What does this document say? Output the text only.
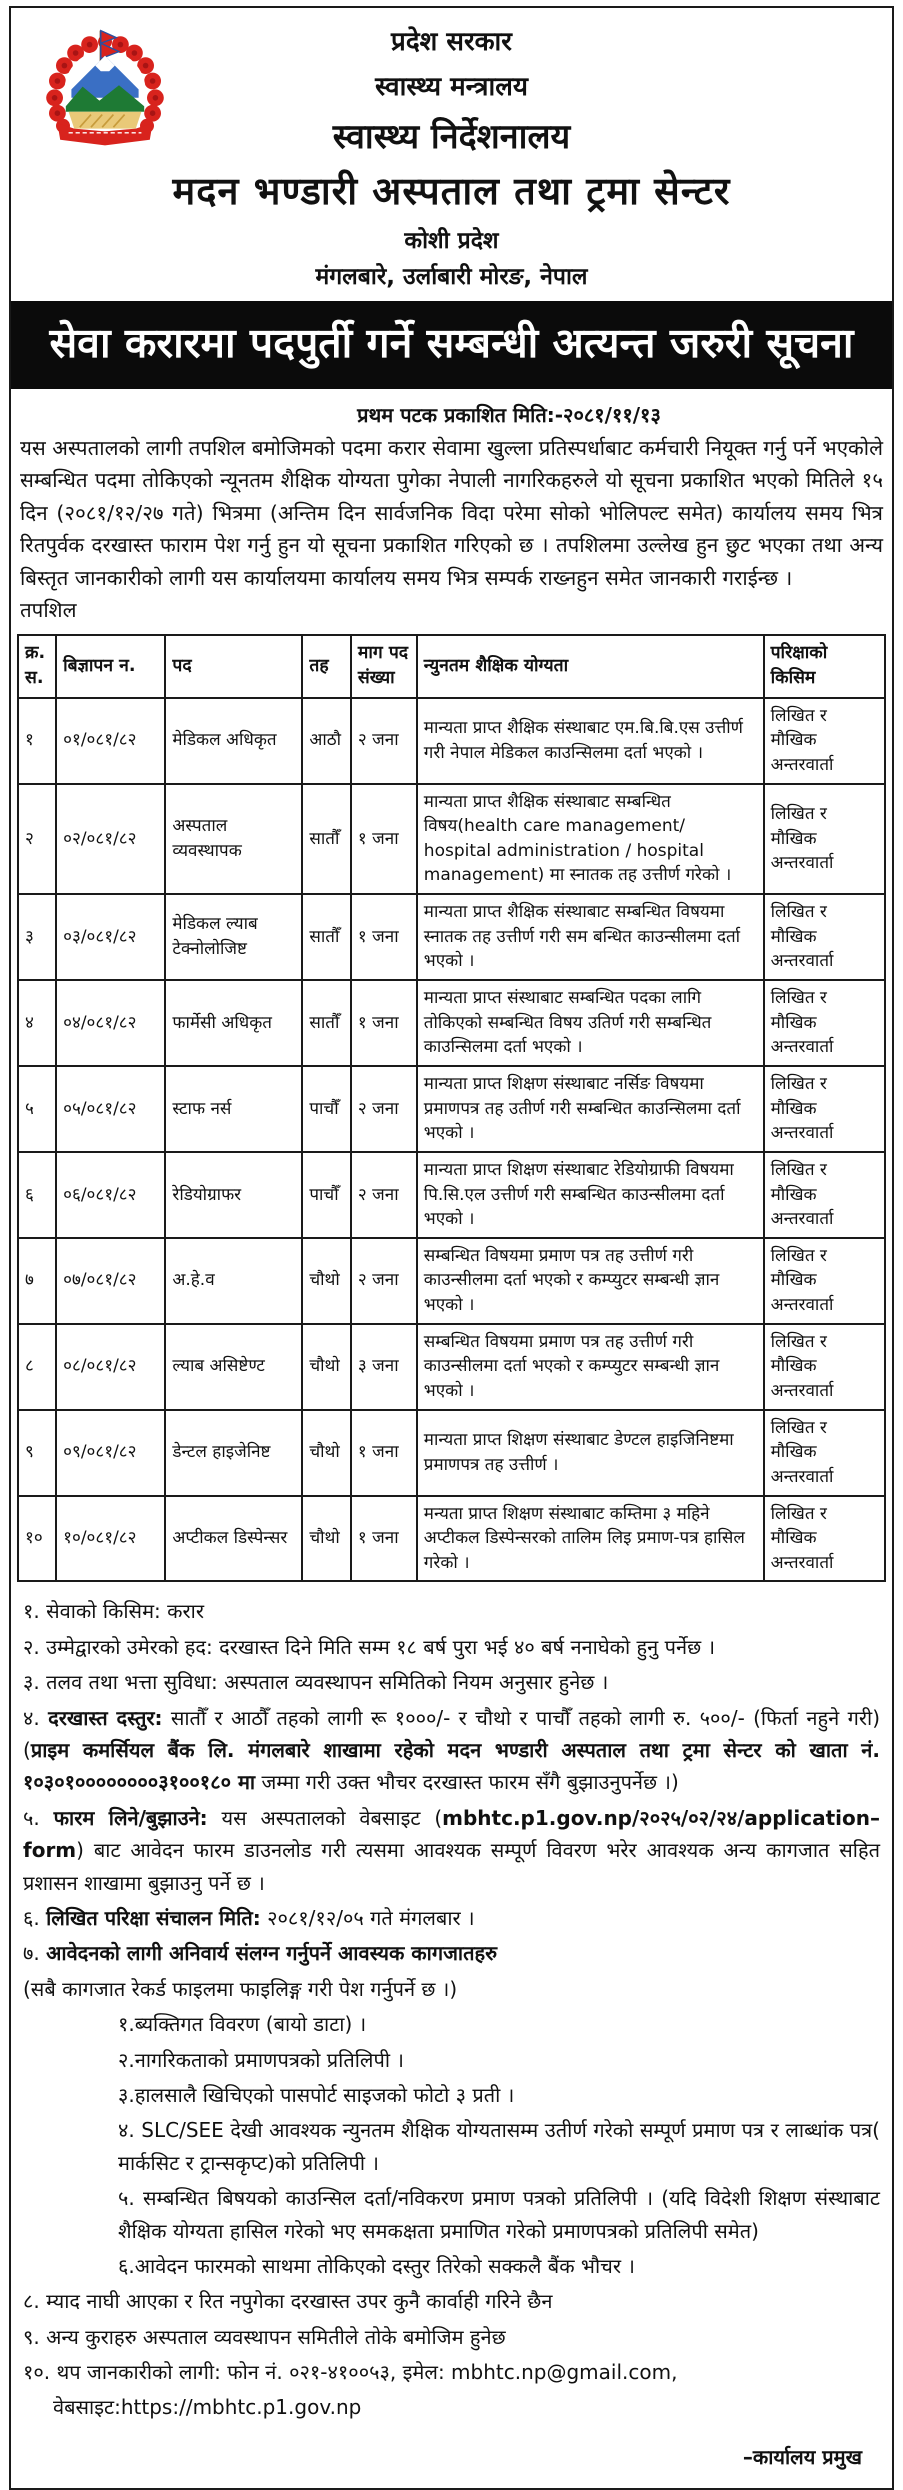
प्रदेश सरकार
स्वास्थ्य मन्त्रालय
स्वास्थ्य निर्देशनालय
मदन भण्डारी अस्पताल तथा ट्रमा सेन्टर
कोशी प्रदेश
मंगलबारे, उर्लाबारी मोरङ, नेपाल
सेवा करारमा पदपुर्ती गर्ने सम्बन्धी अत्यन्त जरुरी सूचना
प्रथम पटक प्रकाशित मिति:-२०८१/११/१३
यस अस्पतालको लागी तपशिल बमोजिमको पदमा करार सेवामा खुल्ला प्रतिस्पर्धाबाट कर्मचारी नियूक्त गर्नु पर्ने भएकोले सम्बन्धित पदमा तोकिएको न्यूनतम शैक्षिक योग्यता पुगेका नेपाली नागरिकहरुले यो सूचना प्रकाशित भएको मितिले १५ दिन (२०८१/१२/२७ गते) भित्रमा (अन्तिम दिन सार्वजनिक विदा परेमा सोको भोलिपल्ट समेत) कार्यालय समय भित्र रितपुर्वक दरखास्त फाराम पेश गर्नु हुन यो सूचना प्रकाशित गरिएको छ । तपशिलमा उल्लेख हुन छुट भएका तथा अन्य बिस्तृत जानकारीको लागी यस कार्यालयमा कार्यालय समय भित्र सम्पर्क राख्नहुन समेत जानकारी गराईन्छ ।
तपशिल
क्र. स.	बिज्ञापन न.	पद	तह	माग पद संख्या	न्युनतम शैक्षिक योग्यता	परिक्षाको किसिम
१	०१/०८१/८२	मेडिकल अधिकृत	आठौ	२ जना	मान्यता प्राप्त शैक्षिक संस्थाबाट एम.बि.बि.एस उत्तीर्ण गरी नेपाल मेडिकल काउन्सिलमा दर्ता भएको ।	लिखित र मौखिक अन्तरवार्ता
२	०२/०८१/८२	अस्पताल व्यवस्थापक	सातौँ	१ जना	मान्यता प्राप्त शैक्षिक संस्थाबाट सम्बन्धित विषय(health care management/ hospital administration / hospital management) मा स्नातक तह उत्तीर्ण गरेको ।	लिखित र मौखिक अन्तरवार्ता
३	०३/०८१/८२	मेडिकल ल्याब टेक्नोलोजिष्ट	सातौँ	१ जना	मान्यता प्राप्त शैक्षिक संस्थाबाट सम्बन्धित विषयमा स्नातक तह उत्तीर्ण गरी सम बन्धित काउन्सीलमा दर्ता भएको ।	लिखित र मौखिक अन्तरवार्ता
४	०४/०८१/८२	फार्मेसी अधिकृत	सातौँ	१ जना	मान्यता प्राप्त संस्थाबाट सम्बन्धित पदका लागि तोकिएको सम्बन्धित विषय उतिर्ण गरी सम्बन्धित काउन्सिलमा दर्ता भएको ।	लिखित र मौखिक अन्तरवार्ता
५	०५/०८१/८२	स्टाफ नर्स	पाचौँ	२ जना	मान्यता प्राप्त शिक्षण संस्थाबाट नर्सिङ विषयमा प्रमाणपत्र तह उतीर्ण गरी सम्बन्धित काउन्सिलमा दर्ता भएको ।	लिखित र मौखिक अन्तरवार्ता
६	०६/०८१/८२	रेडियोग्राफर	पाचौँ	२ जना	मान्यता प्राप्त शिक्षण संस्थाबाट रेडियोग्राफी विषयमा पि.सि.एल उत्तीर्ण गरी सम्बन्धित काउन्सीलमा दर्ता भएको ।	लिखित र मौखिक अन्तरवार्ता
७	०७/०८१/८२	अ.हे.व	चौथो	२ जना	सम्बन्धित विषयमा प्रमाण पत्र तह उत्तीर्ण गरी काउन्सीलमा दर्ता भएको र कम्प्युटर सम्बन्धी ज्ञान भएको ।	लिखित र मौखिक अन्तरवार्ता
८	०८/०८१/८२	ल्याब असिष्टेण्ट	चौथो	३ जना	सम्बन्धित विषयमा प्रमाण पत्र तह उत्तीर्ण गरी काउन्सीलमा दर्ता भएको र कम्प्युटर सम्बन्धी ज्ञान भएको ।	लिखित र मौखिक अन्तरवार्ता
९	०९/०८१/८२	डेन्टल हाइजेनिष्ट	चौथो	१ जना	मान्यता प्राप्त शिक्षण संस्थाबाट डेण्टल हाइजिनिष्टमा प्रमाणपत्र तह उत्तीर्ण ।	लिखित र मौखिक अन्तरवार्ता
१०	१०/०८१/८२	अप्टीकल डिस्पेन्सर	चौथो	१ जना	मन्यता प्राप्त शिक्षण संस्थाबाट कम्तिमा ३ महिने अप्टीकल डिस्पेन्सरको तालिम लिइ प्रमाण-पत्र हासिल गरेको ।	लिखित र मौखिक अन्तरवार्ता
१. सेवाको किसिम: करार
२. उम्मेद्वारको उमेरको हद: दरखास्त दिने मिति सम्म १८ बर्ष पुरा भई ४० बर्ष ननाघेको हुनु पर्नेछ ।
३. तलव तथा भत्ता सुविधा: अस्पताल व्यवस्थापन समितिको नियम अनुसार हुनेछ ।
४. दरखास्त दस्तुर: सातौँ र आठौँ तहको लागी रू १०००/- र चौथो र पाचौँ तहको लागी रु. ५००/- (फिर्ता नहुने गरी)(प्राइम कमर्सियल बैंक लि. मंगलबारे शाखामा रहेको मदन भण्डारी अस्पताल तथा ट्रमा सेन्टर को खाता नं. १०३०१००००००००३१००१८० मा जम्मा गरी उक्त भौचर दरखास्त फारम सँगै बुझाउनुपर्नेछ ।)
५. फारम लिने/बुझाउने: यस अस्पतालको वेबसाइट (mbhtc.p1.gov.np/२०२५/०२/२४/application–form) बाट आवेदन फारम डाउनलोड गरी त्यसमा आवश्यक सम्पूर्ण विवरण भरेर आवश्यक अन्य कागजात सहित प्रशासन शाखामा बुझाउनु पर्ने छ ।
६. लिखित परिक्षा संचालन मिति: २०८१/१२/०५ गते मंगलबार ।
७. आवेदनको लागी अनिवार्य संलग्न गर्नुपर्ने आवस्यक कागजातहरु
(सबै कागजात रेकर्ड फाइलमा फाइलिङ्ग गरी पेश गर्नुपर्ने छ ।)
१.ब्यक्तिगत विवरण (बायो डाटा) ।
२.नागरिकताको प्रमाणपत्रको प्रतिलिपी ।
३.हालसालै खिचिएको पासपोर्ट साइजको फोटो ३ प्रती ।
४. SLC/SEE देखी आवश्यक न्युनतम शैक्षिक योग्यतासम्म उतीर्ण गरेको सम्पूर्ण प्रमाण पत्र र लाब्धांक पत्र( मार्कसिट र ट्रान्सकृप्ट)को प्रतिलिपी ।
५. सम्बन्धित बिषयको काउन्सिल दर्ता/नविकरण प्रमाण पत्रको प्रतिलिपी । (यदि विदेशी शिक्षण संस्थाबाट शैक्षिक योग्यता हासिल गरेको भए समकक्षता प्रमाणित गरेको प्रमाणपत्रको प्रतिलिपी समेत)
६.आवेदन फारमको साथमा तोकिएको दस्तुर तिरेको सक्कलै बैंक भौचर ।
८. म्याद नाघी आएका र रित नपुगेका दरखास्त उपर कुनै कार्वाही गरिने छैन
९. अन्य कुराहरु अस्पताल व्यवस्थापन समितीले तोके बमोजिम हुनेछ
१०. थप जानकारीको लागी: फोन नं. ०२१-४१००५३, इमेल: mbhtc.np@gmail.com,
वेबसाइट:https://mbhtc.p1.gov.np
–कार्यालय प्रमुख
